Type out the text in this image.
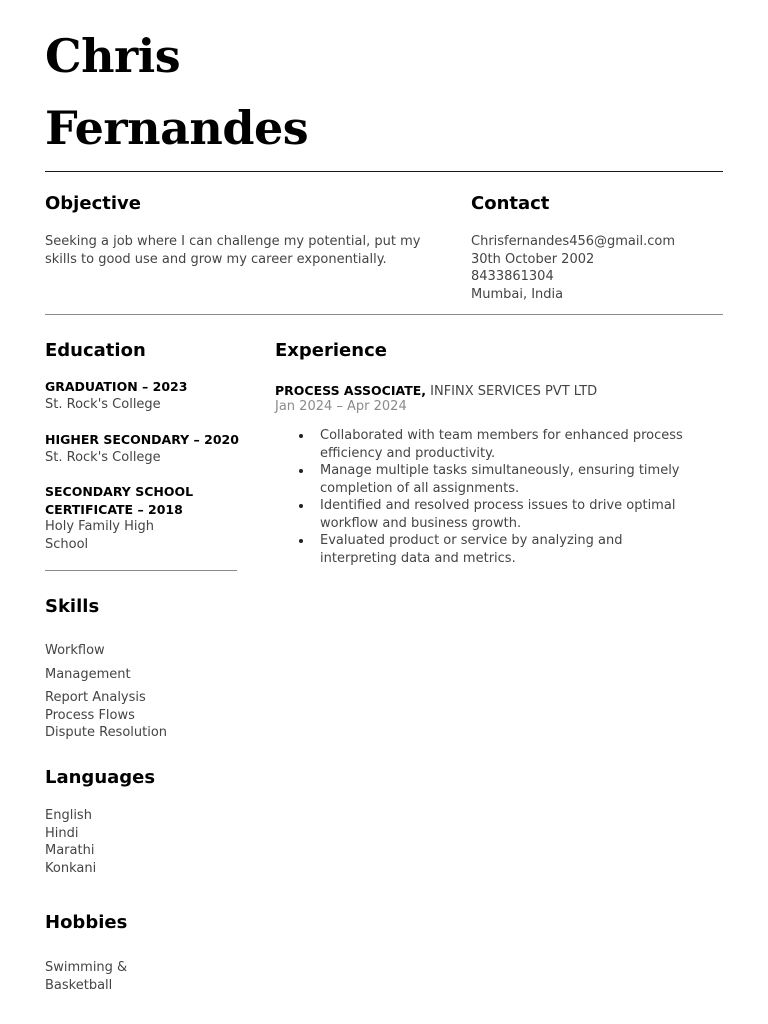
Chris
Fernandes
Objective
Seeking a job where I can challenge my potential, put my
skills to good use and grow my career exponentially.
Contact
Chrisfernandes456@gmail.com
30th October 2002
8433861304
Mumbai, India
Education
GRADUATION – 2023
St. Rock's College
HIGHER SECONDARY – 2020
St. Rock's College
SECONDARY SCHOOL
CERTIFICATE – 2018
Holy Family High
School
Skills
Workflow
Management
Report Analysis
Process Flows
Dispute Resolution
Languages
English
Hindi
Marathi
Konkani
Hobbies
Swimming &
Basketball
Experience
PROCESS ASSOCIATE, INFINX SERVICES PVT LTD
Jan 2024 – Apr 2024
Collaborated with team members for enhanced process
efficiency and productivity.
Manage multiple tasks simultaneously, ensuring timely
completion of all assignments.
Identified and resolved process issues to drive optimal
workflow and business growth.
Evaluated product or service by analyzing and
interpreting data and metrics.
